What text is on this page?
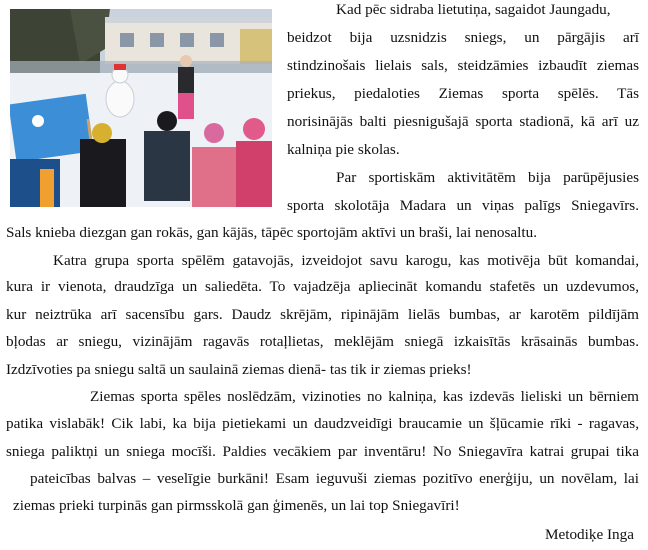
Kad pēc sidraba lietutiņa, sagaidot Jaungadu,
beidzot bija uzsnidzis sniegs, un pārgājis arī
stindzinošais lielais sals, steidzāmies izbaudīt ziemas
priekus, piedaloties Ziemas sporta spēlēs. Tās
norisinājās balti piesnigušajā sporta stadionā, kā arī uz
kalniņa pie skolas.
Par sportiskām aktivitātēm bija parūpējusies
sporta skolotāja Madara un viņas palīgs Sniegavīrs.
Sals knieba diezgan gan rokās, gan kājās, tāpēc sportojām aktīvi un braši, lai nenosaltu.
Katra grupa sporta spēlēm gatavojās, izveidojot savu karogu, kas motivēja būt komandai,
kura ir vienota, draudzīga un saliedēta. To vajadzēja apliecināt komandu stafetēs un uzdevumos,
kur neiztrūka arī sacensību gars. Daudz skrējām, ripinājām lielās bumbas, ar karotēm pildījām
bļodas ar sniegu, vizinājām ragavās rotaļlietas, meklējām sniegā izkaisītās krāsainās bumbas.
Izdzīvoties pa sniegu saltā un saulainā ziemas dienā- tas tik ir ziemas prieks!
Ziemas sporta spēles noslēdzām, vizinoties no kalniņa, kas izdevās lieliski un bērniem
patika vislabāk! Cik labi, ka bija pietiekami un daudzveidīgi braucamie un šļūcamie rīki - ragavas,
sniega paliktņi un sniega mocīši. Paldies vecākiem par inventāru! No Sniegavīra katrai grupai tika
pateicības balvas – veselīgie burkāni! Esam ieguvuši ziemas pozitīvo enerģiju, un novēlam, lai
ziemas prieki turpinās gan pirmsskolā gan ģimenēs, un lai top Sniegavīri!
Metodiķe Inga
